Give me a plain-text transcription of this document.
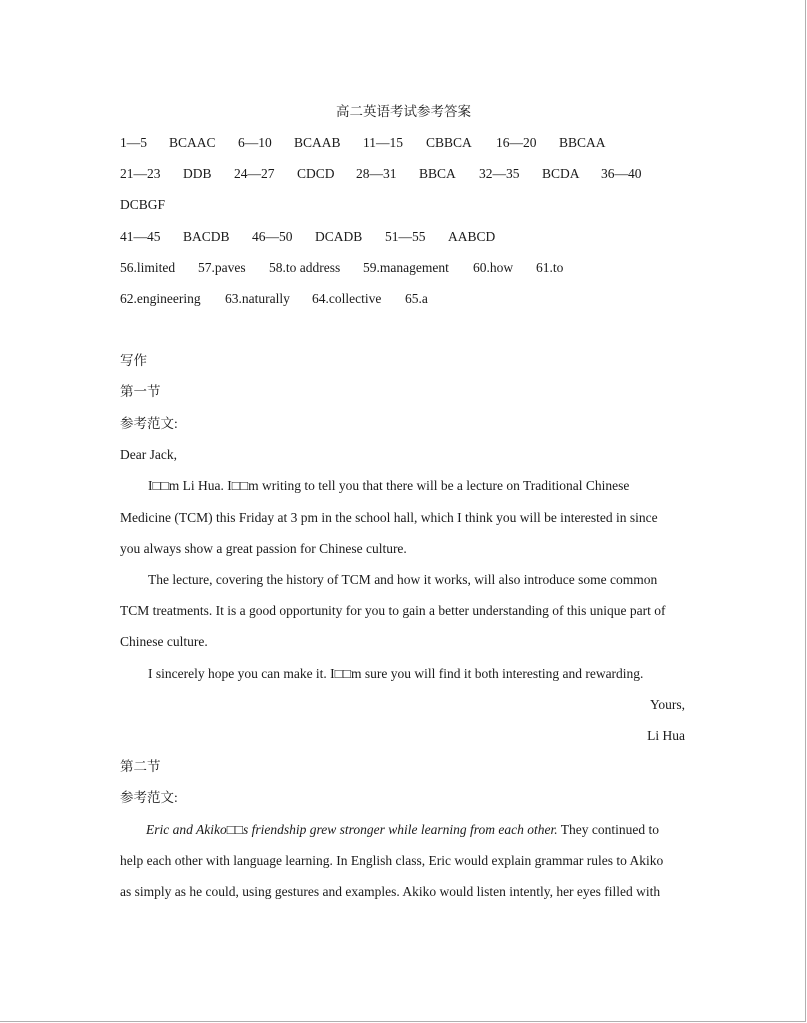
高二英语考试参考答案
1—5 BCAAC 6—10 BCAAB 11—15 CBBCA 16—20 BBCAA
21—23 DDB 24—27 CDCD 28—31 BBCA 32—35 BCDA 36—40
DCBGF
41—45 BACDB 46—50 DCADB 51—55 AABCD
56.limited 57.paves 58.to address 59.management 60.how 61.to
62.engineering 63.naturally 64.collective 65.a
写作
第一节
参考范文:
Dear Jack,
I□□m Li Hua. I□□m writing to tell you that there will be a lecture on Traditional Chinese
Medicine (TCM) this Friday at 3 pm in the school hall, which I think you will be interested in since
you always show a great passion for Chinese culture.
The lecture, covering the history of TCM and how it works, will also introduce some common
TCM treatments. It is a good opportunity for you to gain a better understanding of this unique part of
Chinese culture.
I sincerely hope you can make it. I□□m sure you will find it both interesting and rewarding.
Yours,
Li Hua
第二节
参考范文:
Eric and Akiko□□s friendship grew stronger while learning from each other. They continued to
help each other with language learning. In English class, Eric would explain grammar rules to Akiko
as simply as he could, using gestures and examples. Akiko would listen intently, her eyes filled with
